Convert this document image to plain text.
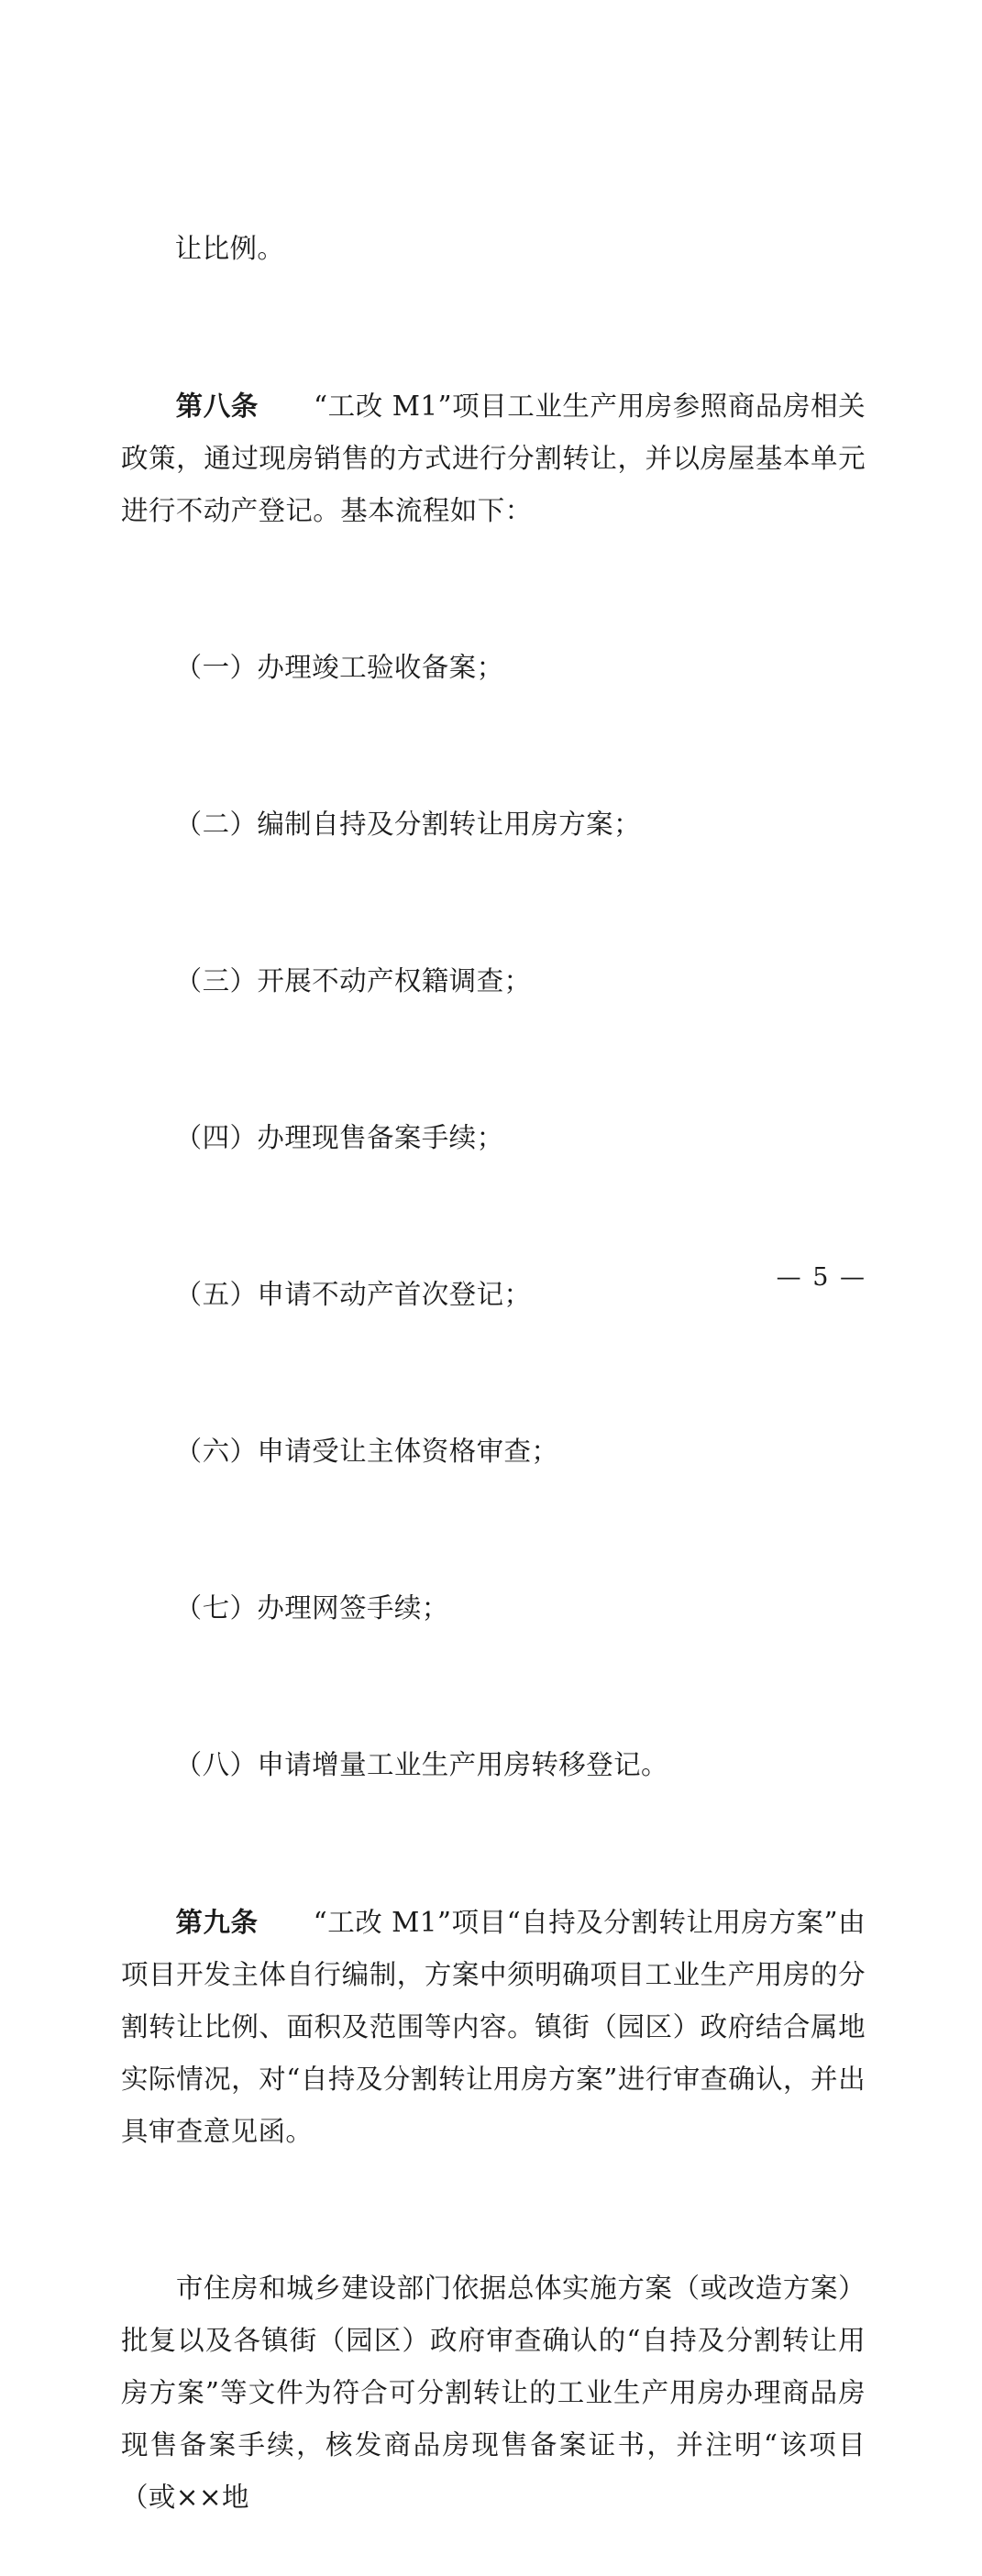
让比例。

第八条　　“工改 M1”项目工业生产用房参照商品房相关政策，通过现房销售的方式进行分割转让，并以房屋基本单元进行不动产登记。基本流程如下：

（一）办理竣工验收备案；

（二）编制自持及分割转让用房方案；

（三）开展不动产权籍调查；

（四）办理现售备案手续；

（五）申请不动产首次登记；

（六）申请受让主体资格审查；

（七）办理网签手续；

（八）申请增量工业生产用房转移登记。

第九条　　“工改 M1”项目“自持及分割转让用房方案”由项目开发主体自行编制，方案中须明确项目工业生产用房的分割转让比例、面积及范围等内容。镇街（园区）政府结合属地实际情况，对“自持及分割转让用房方案”进行审查确认，并出具审查意见函。

市住房和城乡建设部门依据总体实施方案（或改造方案）批复以及各镇街（园区）政府审查确认的“自持及分割转让用房方案”等文件为符合可分割转让的工业生产用房办理商品房现售备案手续，核发商品房现售备案证书，并注明“该项目（或××地

— 5 —
